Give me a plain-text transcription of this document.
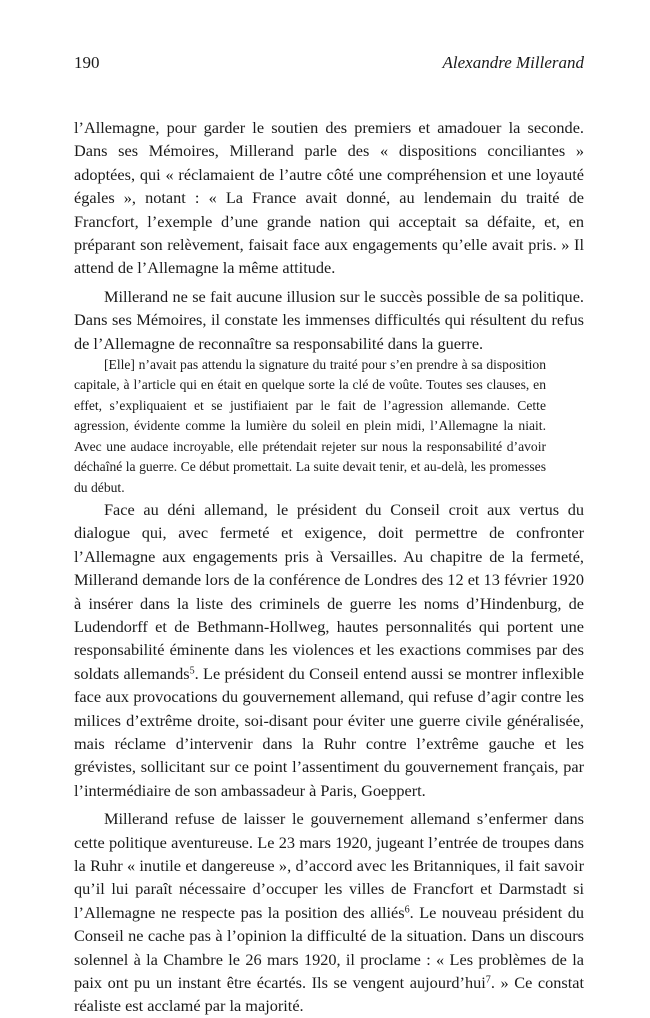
190	Alexandre Millerand

l’Allemagne, pour garder le soutien des premiers et amadouer la seconde. Dans ses Mémoires, Millerand parle des « dispositions conciliantes » adoptées, qui « réclamaient de l’autre côté une compréhension et une loyauté égales », notant : « La France avait donné, au lendemain du traité de Francfort, l’exemple d’une grande nation qui acceptait sa défaite, et, en préparant son relèvement, faisait face aux engagements qu’elle avait pris. » Il attend de l’Allemagne la même attitude.

Millerand ne se fait aucune illusion sur le succès possible de sa politique. Dans ses Mémoires, il constate les immenses difficultés qui résultent du refus de l’Allemagne de reconnaître sa responsabilité dans la guerre.

[Elle] n’avait pas attendu la signature du traité pour s’en prendre à sa disposition capitale, à l’article qui en était en quelque sorte la clé de voûte. Toutes ses clauses, en effet, s’expliquaient et se justifiaient par le fait de l’agression allemande. Cette agression, évidente comme la lumière du soleil en plein midi, l’Allemagne la niait. Avec une audace incroyable, elle prétendait rejeter sur nous la responsabilité d’avoir déchaîné la guerre. Ce début promettait. La suite devait tenir, et au-delà, les promesses du début.

Face au déni allemand, le président du Conseil croit aux vertus du dialogue qui, avec fermeté et exigence, doit permettre de confronter l’Allemagne aux engagements pris à Versailles. Au chapitre de la fermeté, Millerand demande lors de la conférence de Londres des 12 et 13 février 1920 à insérer dans la liste des criminels de guerre les noms d’Hindenburg, de Ludendorff et de Bethmann-Hollweg, hautes personnalités qui portent une responsabilité éminente dans les violences et les exactions commises par des soldats allemands$^5$. Le président du Conseil entend aussi se montrer inflexible face aux provocations du gouvernement allemand, qui refuse d’agir contre les milices d’extrême droite, soi-disant pour éviter une guerre civile généralisée, mais réclame d’intervenir dans la Ruhr contre l’extrême gauche et les grévistes, sollicitant sur ce point l’assentiment du gouvernement français, par l’intermédiaire de son ambassadeur à Paris, Goeppert.

Millerand refuse de laisser le gouvernement allemand s’enfermer dans cette politique aventureuse. Le 23 mars 1920, jugeant l’entrée de troupes dans la Ruhr « inutile et dangereuse », d’accord avec les Britanniques, il fait savoir qu’il lui paraît nécessaire d’occuper les villes de Francfort et Darmstadt si l’Allemagne ne respecte pas la position des alliés$^6$. Le nouveau président du Conseil ne cache pas à l’opinion la difficulté de la situation. Dans un discours solennel à la Chambre le 26 mars 1920, il proclame : « Les problèmes de la paix ont pu un instant être écartés. Ils se vengent aujourd’hui$^7$. » Ce constat réaliste est acclamé par la majorité.
